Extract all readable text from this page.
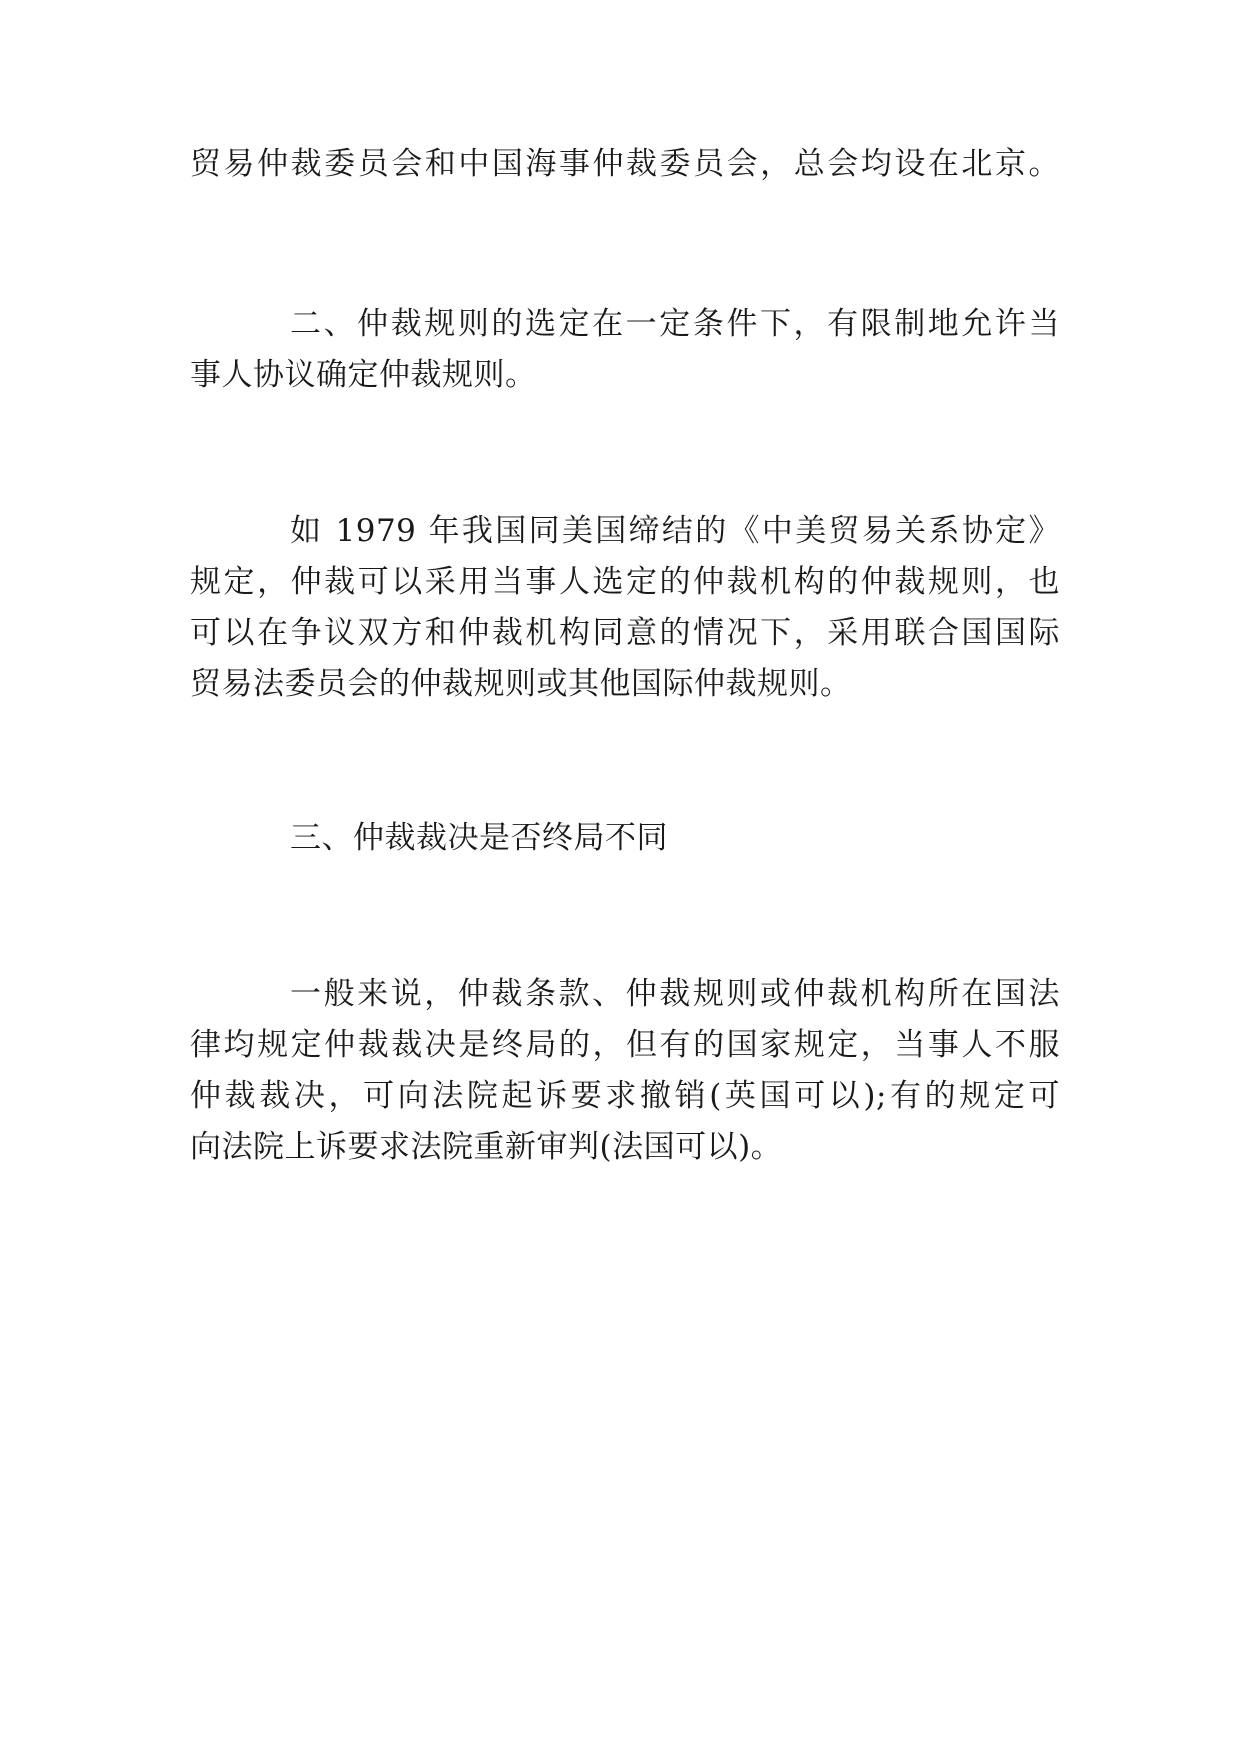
贸易仲裁委员会和中国海事仲裁委员会，总会均设在北京。
二、仲裁规则的选定在一定条件下，有限制地允许当
事人协议确定仲裁规则。
如 1979 年我国同美国缔结的《中美贸易关系协定》
规定，仲裁可以采用当事人选定的仲裁机构的仲裁规则，也
可以在争议双方和仲裁机构同意的情况下，采用联合国国际
贸易法委员会的仲裁规则或其他国际仲裁规则。
三、仲裁裁决是否终局不同
一般来说，仲裁条款、仲裁规则或仲裁机构所在国法
律均规定仲裁裁决是终局的，但有的国家规定，当事人不服
仲裁裁决，可向法院起诉要求撤销(英国可以);有的规定可
向法院上诉要求法院重新审判(法国可以)。
